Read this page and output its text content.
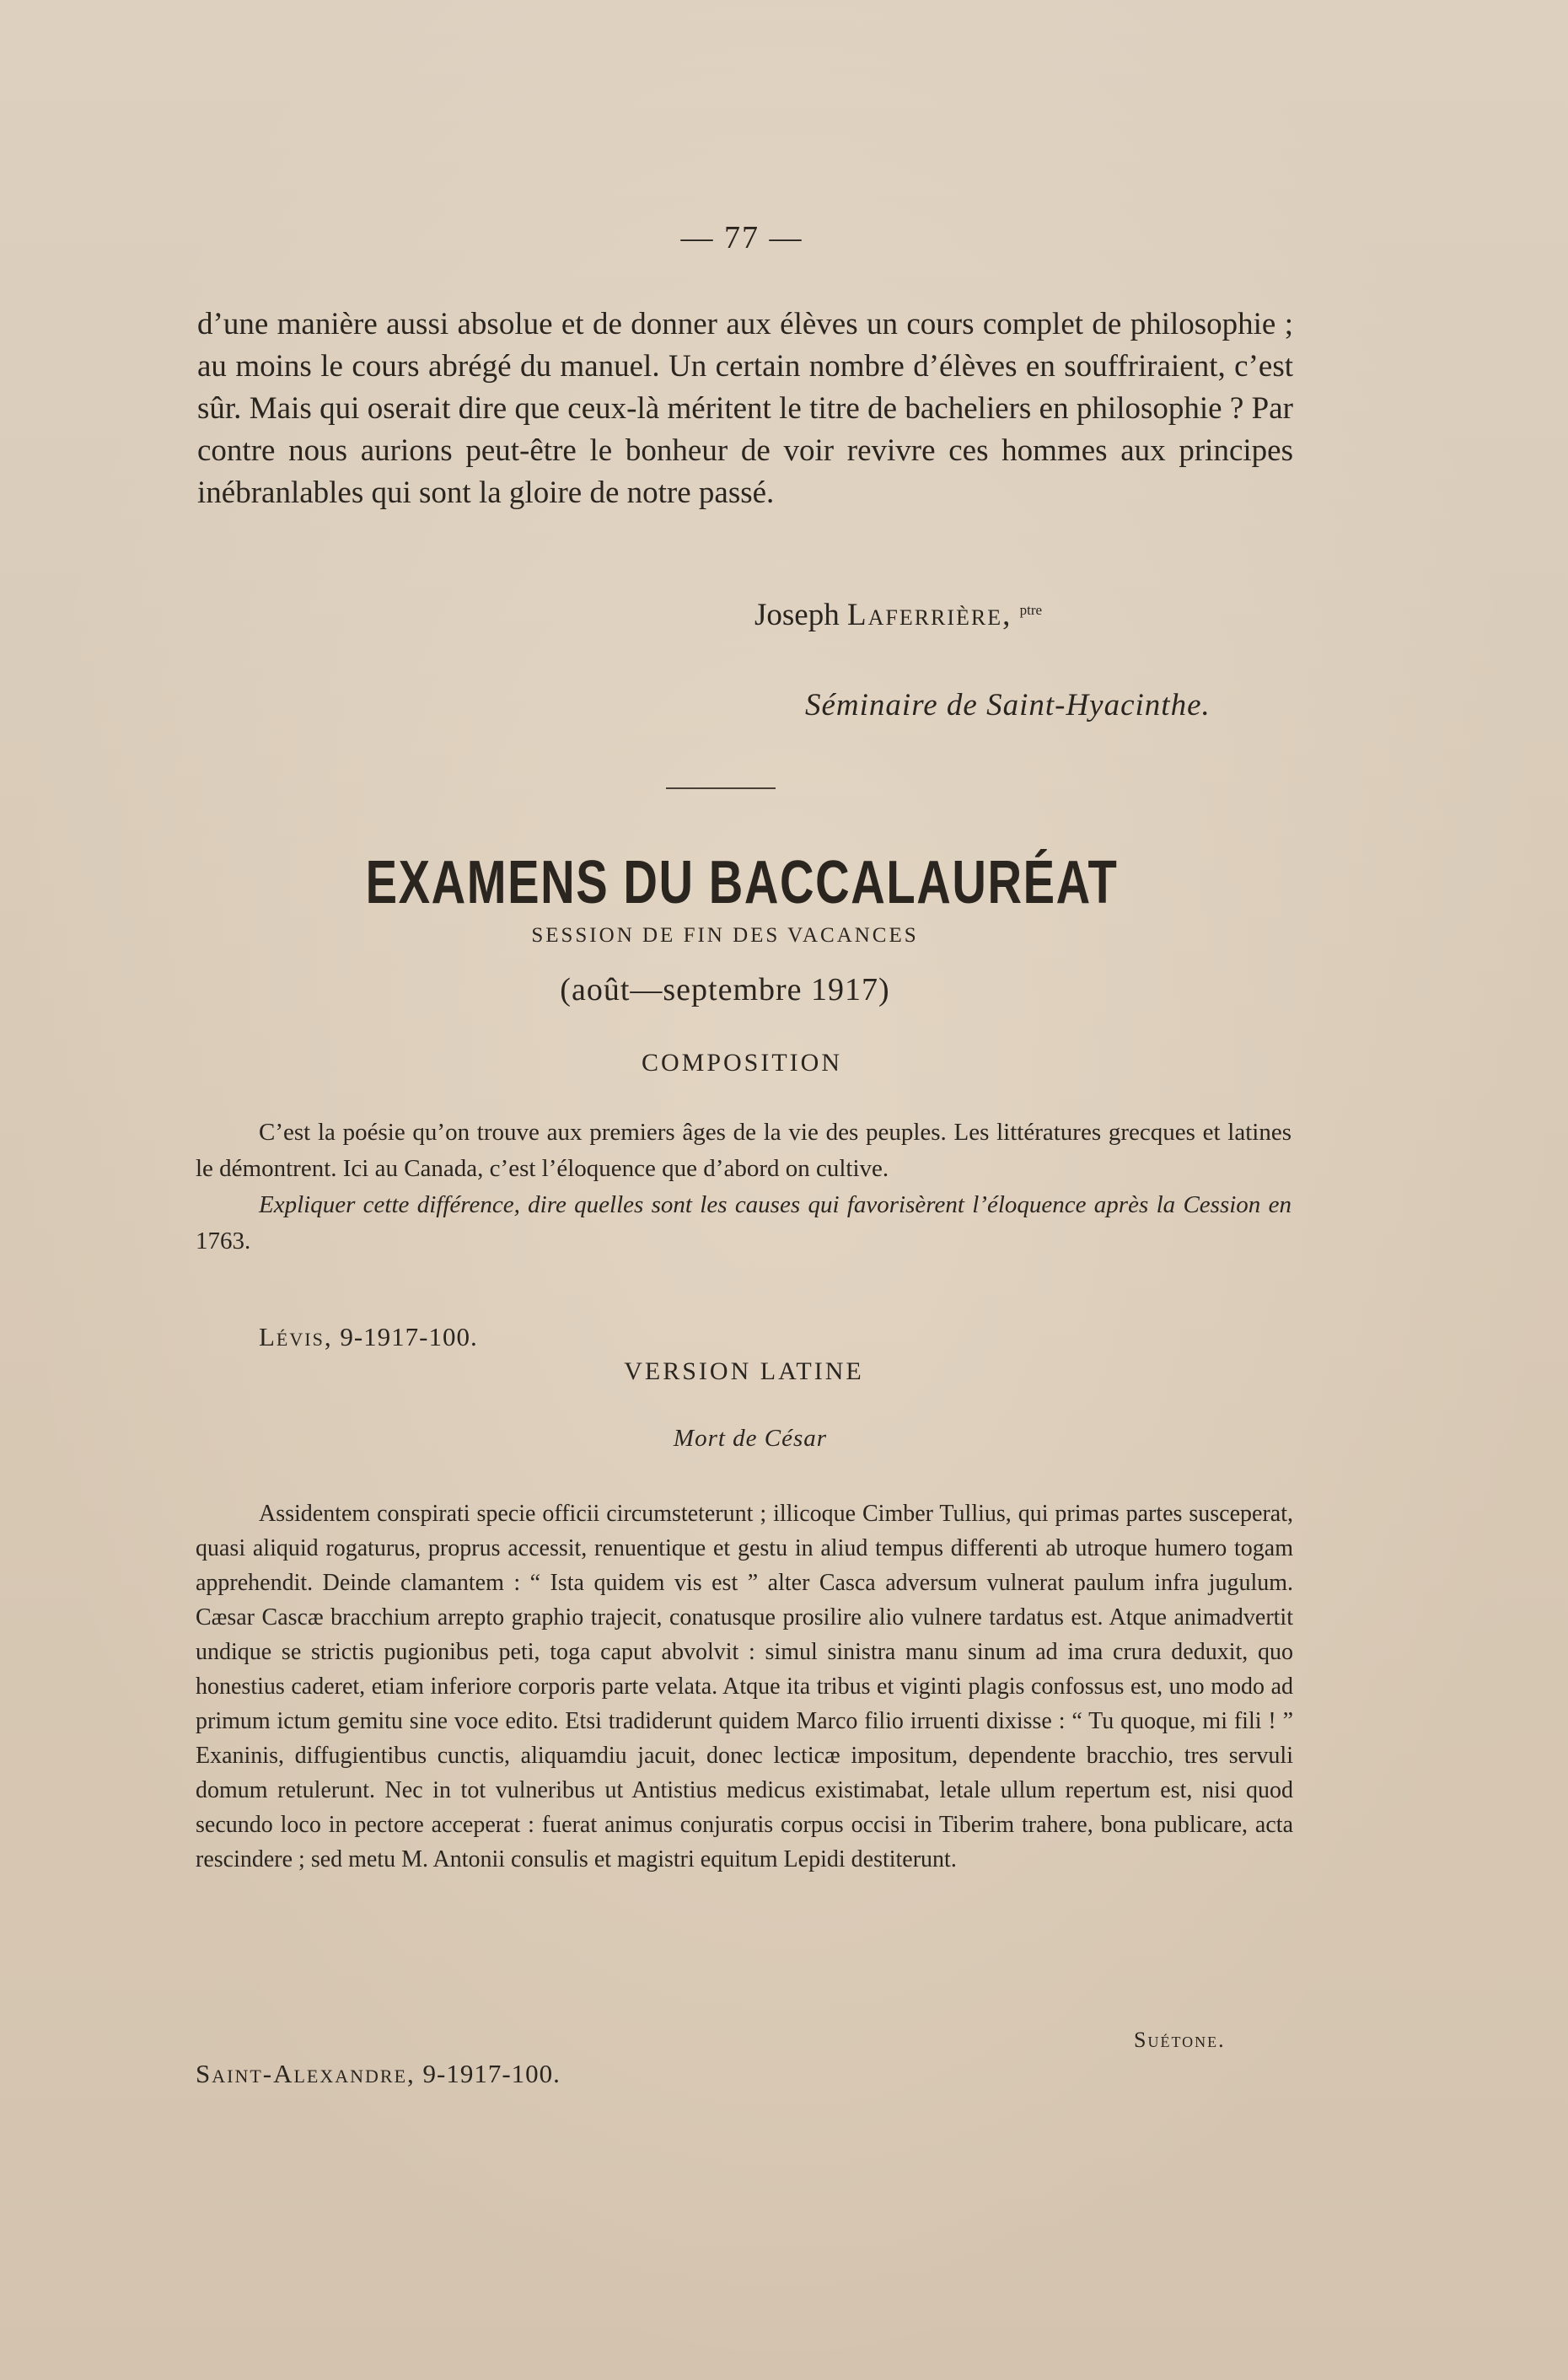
— 77 —

d’une manière aussi absolue et de donner aux élèves un cours complet de philosophie ; au moins le cours abrégé du manuel. Un certain nombre d’élèves en souffriraient, c’est sûr. Mais qui oserait dire que ceux-là méritent le titre de bacheliers en philosophie ? Par contre nous aurions peut-être le bonheur de voir revivre ces hommes aux principes inébranlables qui sont la gloire de notre passé.

Joseph Laferrière, $^{ptre}$
Séminaire de Saint-Hyacinthe.
EXAMENS DU BACCALAURÉAT
SESSION DE FIN DES VACANCES
(août—septembre 1917)
COMPOSITION

C’est la poésie qu’on trouve aux premiers âges de la vie des peuples. Les littératures grecques et latines le démontrent. Ici au Canada, c’est l’éloquence que d’abord on cultive.

Expliquer cette différence, dire quelles sont les causes qui favorisèrent l’éloquence après la Cession en 1763.

Lévis, 9-1917-100.
VERSION LATINE
Mort de César

Assidentem conspirati specie officii circumsteterunt ; illicoque Cimber Tullius, qui primas partes susceperat, quasi aliquid rogaturus, proprus accessit, renuentique et gestu in aliud tempus differenti ab utroque humero togam apprehendit. Deinde clamantem : “ Ista quidem vis est ” alter Casca adversum vulnerat paulum infra jugulum. Cæsar Cascæ bracchium arrepto graphio trajecit, conatusque prosilire alio vulnere tardatus est. Atque animadvertit undique se strictis pugionibus peti, toga caput abvolvit : simul sinistra manu sinum ad ima crura deduxit, quo honestius caderet, etiam inferiore corporis parte velata. Atque ita tribus et viginti plagis confossus est, uno modo ad primum ictum gemitu sine voce edito. Etsi tradiderunt quidem Marco filio irruenti dixisse : “ Tu quoque, mi fili ! ” Exaninis, diffugientibus cunctis, aliquamdiu jacuit, donec lecticæ impositum, dependente bracchio, tres servuli domum retulerunt. Nec in tot vulneribus ut Antistius medicus existimabat, letale ullum repertum est, nisi quod secundo loco in pectore acceperat : fuerat animus conjuratis corpus occisi in Tiberim trahere, bona publicare, acta rescindere ; sed metu M. Antonii consulis et magistri equitum Lepidi destiterunt.

Suétone.
Saint-Alexandre, 9-1917-100.
